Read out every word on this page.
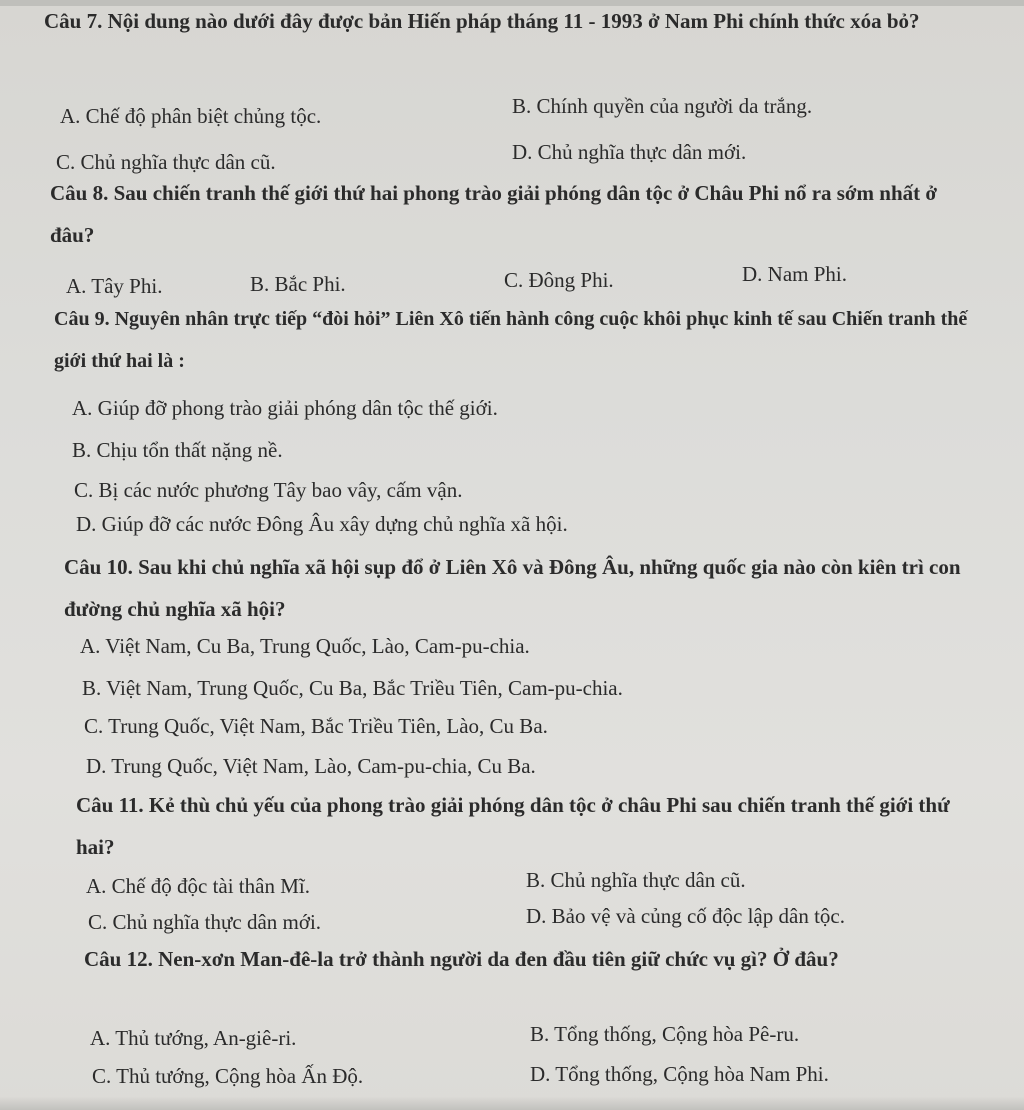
Câu 7. Nội dung nào dưới đây được bản Hiến pháp tháng 11 - 1993 ở Nam Phi chính thức xóa bỏ?

A. Chế độ phân biệt chủng tộc.	B. Chính quyền của người da trắng.
C. Chủ nghĩa thực dân cũ.	D. Chủ nghĩa thực dân mới.

Câu 8. Sau chiến tranh thế giới thứ hai phong trào giải phóng dân tộc ở Châu Phi nổ ra sớm nhất ở đâu?

A. Tây Phi.	B. Bắc Phi.	C. Đông Phi.	D. Nam Phi.

Câu 9. Nguyên nhân trực tiếp “đòi hỏi” Liên Xô tiến hành công cuộc khôi phục kinh tế sau Chiến tranh thế giới thứ hai là :

A. Giúp đỡ phong trào giải phóng dân tộc thế giới.
B. Chịu tổn thất nặng nề.
C. Bị các nước phương Tây bao vây, cấm vận.
D. Giúp đỡ các nước Đông Âu xây dựng chủ nghĩa xã hội.

Câu 10. Sau khi chủ nghĩa xã hội sụp đổ ở Liên Xô và Đông Âu, những quốc gia nào còn kiên trì con đường chủ nghĩa xã hội?

A. Việt Nam, Cu Ba, Trung Quốc, Lào, Cam-pu-chia.
B. Việt Nam, Trung Quốc, Cu Ba, Bắc Triều Tiên, Cam-pu-chia.
C. Trung Quốc, Việt Nam, Bắc Triều Tiên, Lào, Cu Ba.
D. Trung Quốc, Việt Nam, Lào, Cam-pu-chia, Cu Ba.

Câu 11. Kẻ thù chủ yếu của phong trào giải phóng dân tộc ở châu Phi sau chiến tranh thế giới thứ hai?

A. Chế độ độc tài thân Mĩ.	B. Chủ nghĩa thực dân cũ.
C. Chủ nghĩa thực dân mới.	D. Bảo vệ và củng cố độc lập dân tộc.

Câu 12. Nen-xơn Man-đê-la trở thành người da đen đầu tiên giữ chức vụ gì? Ở đâu?

A. Thủ tướng, An-giê-ri.	B. Tổng thống, Cộng hòa Pê-ru.
C. Thủ tướng, Cộng hòa Ấn Độ.	D. Tổng thống, Cộng hòa Nam Phi.
